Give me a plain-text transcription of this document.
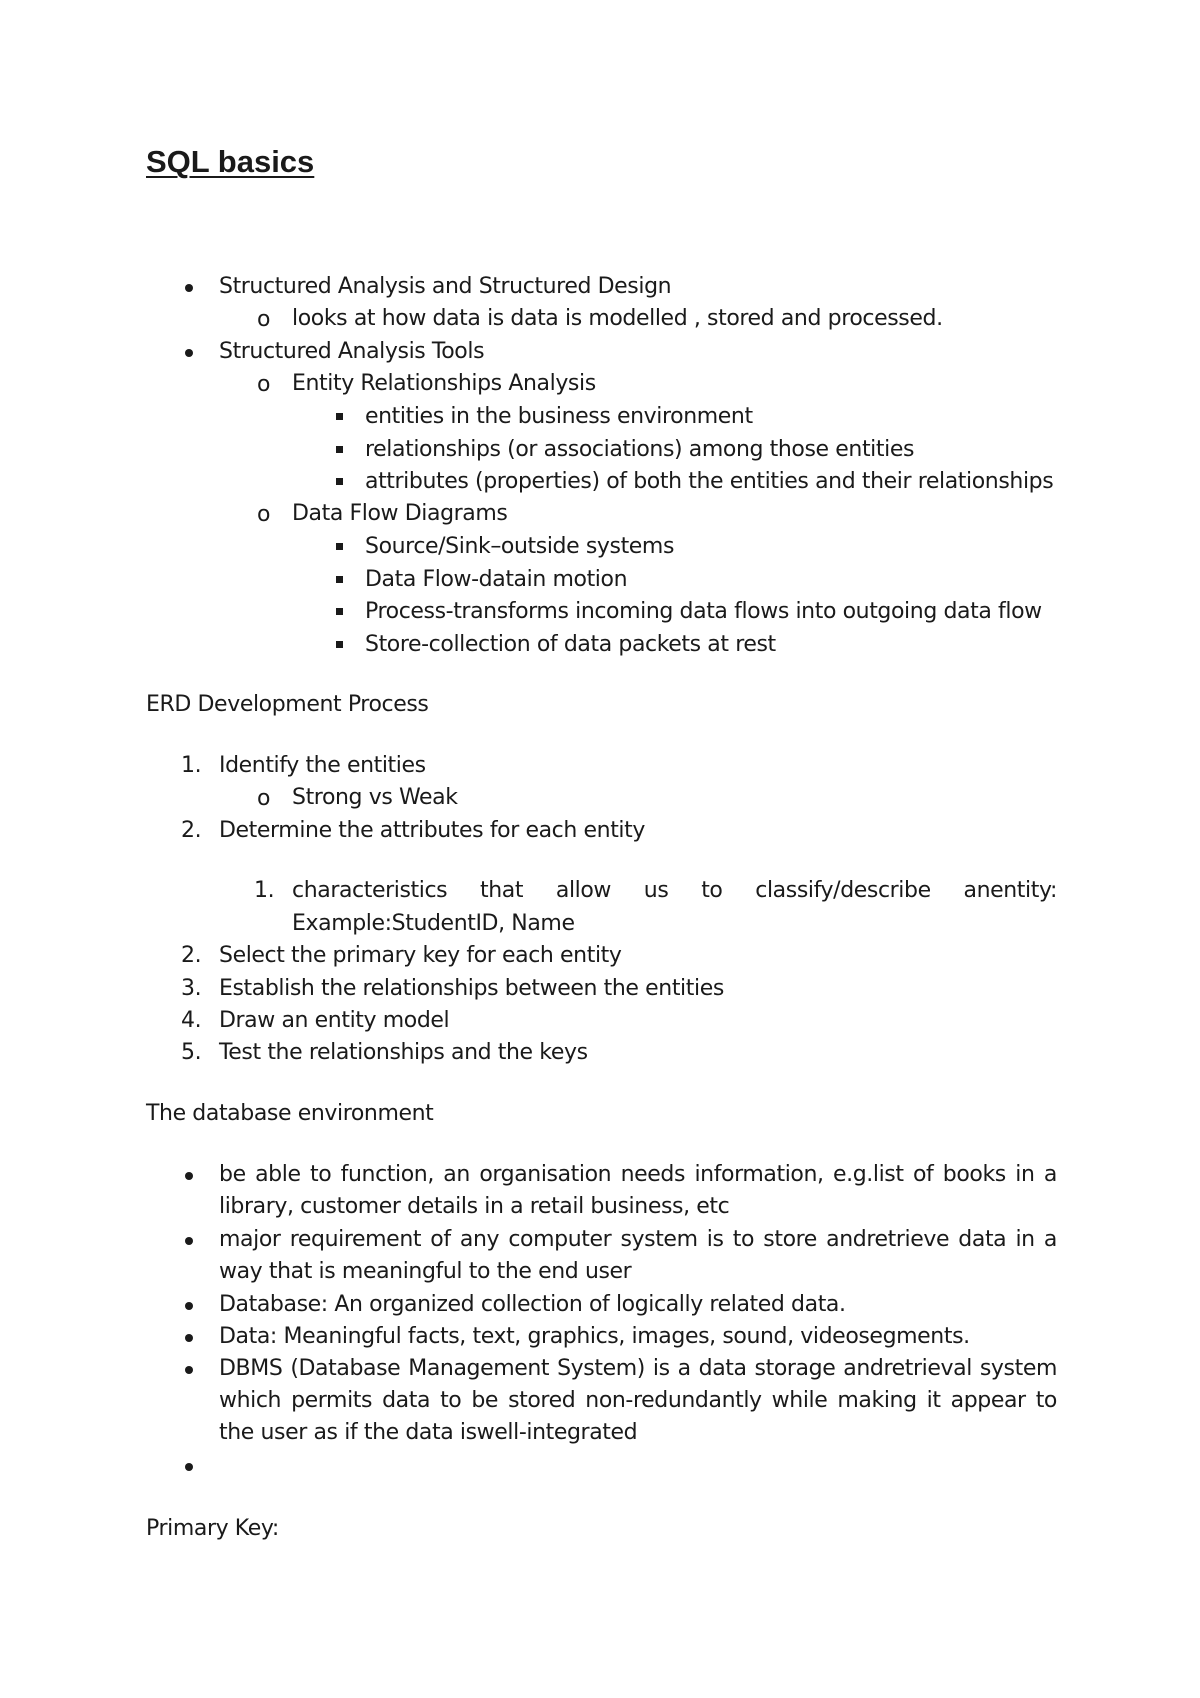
SQL basics
Structured Analysis and Structured Design
o looks at how data is data is modelled , stored and processed.
Structured Analysis Tools
o Entity Relationships Analysis
entities in the business environment
relationships (or associations) among those entities
attributes (properties) of both the entities and their relationships
o Data Flow Diagrams
Source/Sink–outside systems
Data Flow-datain motion
Process-transforms incoming data flows into outgoing data flow
Store-collection of data packets at rest
ERD Development Process
1. Identify the entities
o Strong vs Weak
2. Determine the attributes for each entity
1. characteristics that allow us to classify/describe anentity:
Example:StudentID, Name
2. Select the primary key for each entity
3. Establish the relationships between the entities
4. Draw an entity model
5. Test the relationships and the keys
The database environment
be able to function, an organisation needs information, e.g.list of books in a library, customer details in a retail business, etc
major requirement of any computer system is to store andretrieve data in a way that is meaningful to the end user
Database: An organized collection of logically related data.
Data: Meaningful facts, text, graphics, images, sound, videosegments.
DBMS (Database Management System) is a data storage andretrieval system which permits data to be stored non-redundantly while making it appear to the user as if the data iswell-integrated
Primary Key:
